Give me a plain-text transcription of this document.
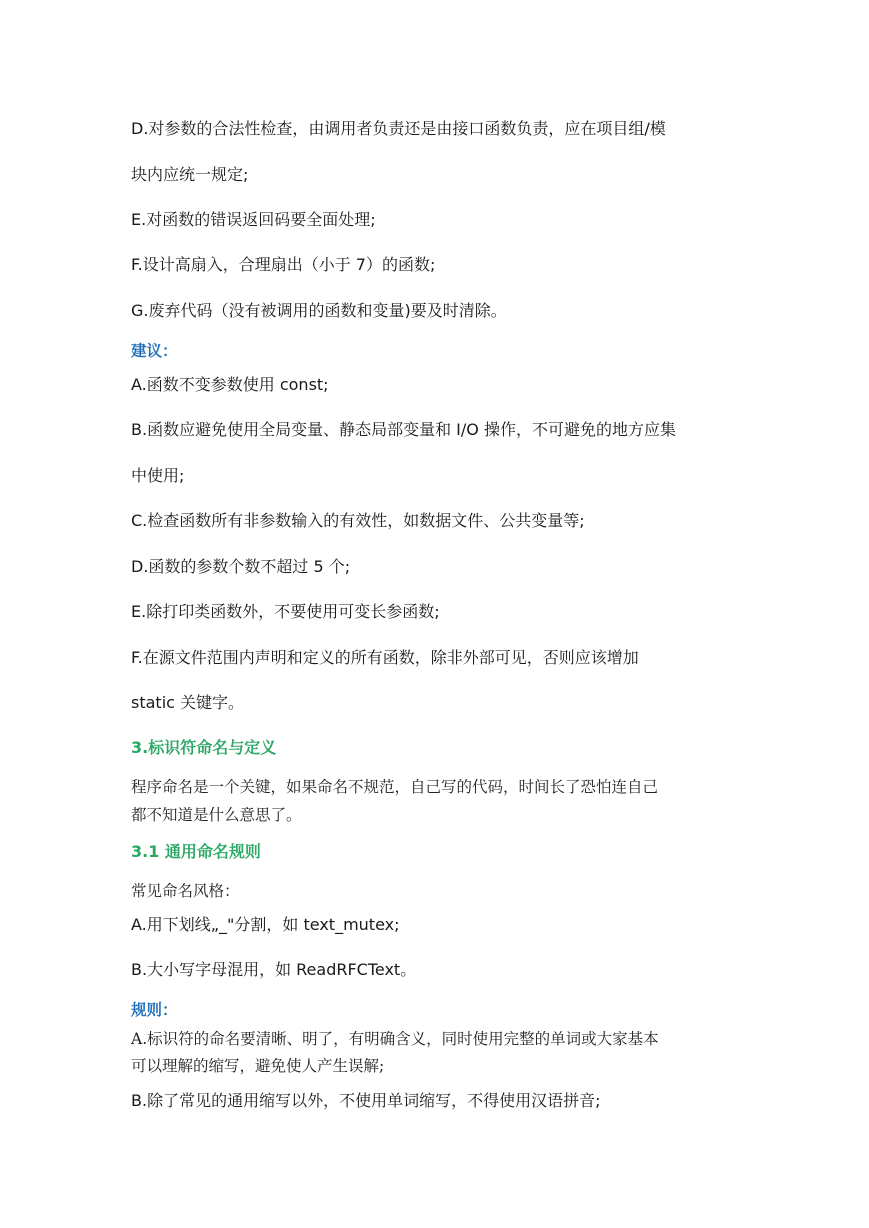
D.对参数的合法性检查，由调用者负责还是由接口函数负责，应在项目组/模

块内应统一规定;

E.对函数的错误返回码要全面处理;

F.设计高扇入，合理扇出（小于 7）的函数;

G.废弃代码（没有被调用的函数和变量)要及时清除。

建议：

A.函数不变参数使用 const;

B.函数应避免使用全局变量、静态局部变量和 I/O 操作，不可避免的地方应集

中使用;

C.检查函数所有非参数输入的有效性，如数据文件、公共变量等;

D.函数的参数个数不超过 5 个;

E.除打印类函数外，不要使用可变长参函数;

F.在源文件范围内声明和定义的所有函数，除非外部可见，否则应该增加

static 关键字。

3.标识符命名与定义

程序命名是一个关键，如果命名不规范，自己写的代码，时间长了恐怕连自己

都不知道是什么意思了。

3.1 通用命名规则

常见命名风格：

A.用下划线„_"分割，如 text_mutex;

B.大小写字母混用，如 ReadRFCText。

规则：

A.标识符的命名要清晰、明了，有明确含义，同时使用完整的单词或大家基本

可以理解的缩写，避免使人产生误解;

B.除了常见的通用缩写以外，不使用单词缩写，不得使用汉语拼音;
